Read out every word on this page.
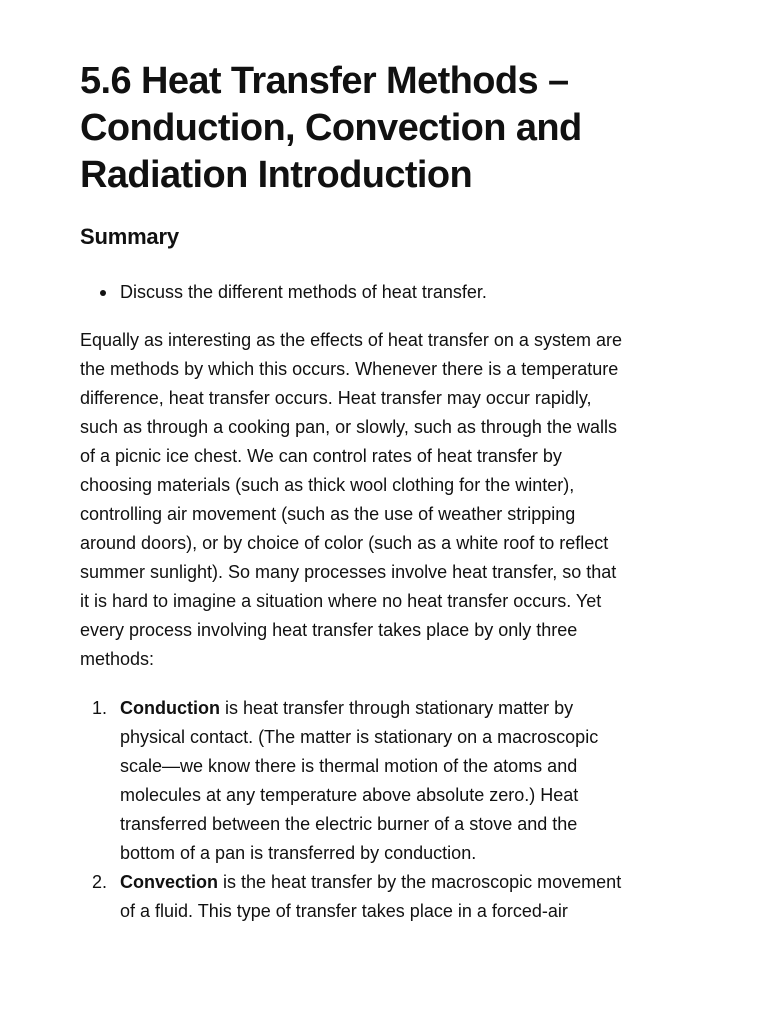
5.6 Heat Transfer Methods –
Conduction, Convection and
Radiation Introduction
Summary
Discuss the different methods of heat transfer.

Equally as interesting as the effects of heat transfer on a system are
the methods by which this occurs. Whenever there is a temperature
difference, heat transfer occurs. Heat transfer may occur rapidly,
such as through a cooking pan, or slowly, such as through the walls
of a picnic ice chest. We can control rates of heat transfer by
choosing materials (such as thick wool clothing for the winter),
controlling air movement (such as the use of weather stripping
around doors), or by choice of color (such as a white roof to reflect
summer sunlight). So many processes involve heat transfer, so that
it is hard to imagine a situation where no heat transfer occurs. Yet
every process involving heat transfer takes place by only three
methods:

1. Conduction is heat transfer through stationary matter by
physical contact. (The matter is stationary on a macroscopic
scale—we know there is thermal motion of the atoms and
molecules at any temperature above absolute zero.) Heat
transferred between the electric burner of a stove and the
bottom of a pan is transferred by conduction.
2. Convection is the heat transfer by the macroscopic movement
of a fluid. This type of transfer takes place in a forced-air
